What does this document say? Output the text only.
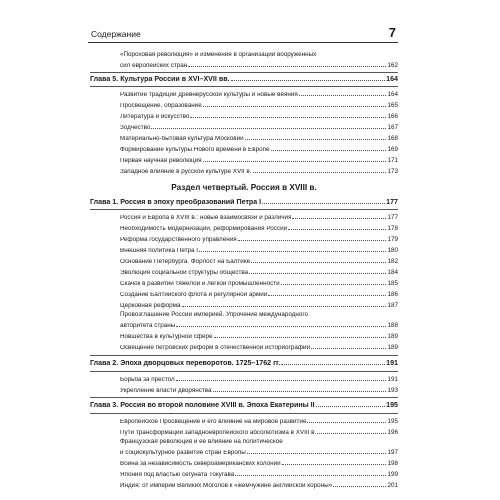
Содержание	7
«Пороховая революция» и изменения в организации вооруженных
сил европейских стран	162
Глава 5. Культура России в XVI–XVII вв.	164
Развитие традиций древнерусской культуры и новые веяния	164
Просвещение, образование	165
Литература и искусство	166
Зодчество	167
Материально-бытовая культура Московии	168
Формирование культуры Нового времени в Европе	169
Первая научная революция	171
Западное влияние в русской культуре XVII в.	173
Раздел четвертый. Россия в XVIII в.
Глава 1. Россия в эпоху преобразований Петра I	177
Россия и Европа в XVIII в.: новые взаимосвязи и различия	177
Необходимость модернизации, реформирования России	178
Реформа государственного управления	179
Внешняя политика Петра I	180
Основание Петербурга. Форпост на Балтике	182
Эволюция социальной структуры общества	184
Скачок в развитии тяжелой и легкой промышленности	185
Создание Балтийского флота и регулярной армии	186
Церковная реформа	187
Провозглашение России империей. Упрочение международного
авторитета страны	188
Новшества в культурной сфере	189
Освещение петровских реформ в отечественной историографии	189
Глава 2. Эпоха дворцовых переворотов. 1725–1762 гг.	191
Борьба за престол	191
Укрепление власти дворянства	193
Глава 3. Россия во второй половине XVIII в. Эпоха Екатерины II	195
Европейское Просвещение и его влияние на мировое развитие	195
Пути трансформации западноевропейского абсолютизма в XVIII в.	196
Французская революция и ее влияние на политическое
и социокультурное развитие стран Европы	197
Война за независимость североамериканских колоний	198
Япония под властью сегуната Токугава	199
Индия: от империи Великих Моголов к «жемчужине английской короны»	201
